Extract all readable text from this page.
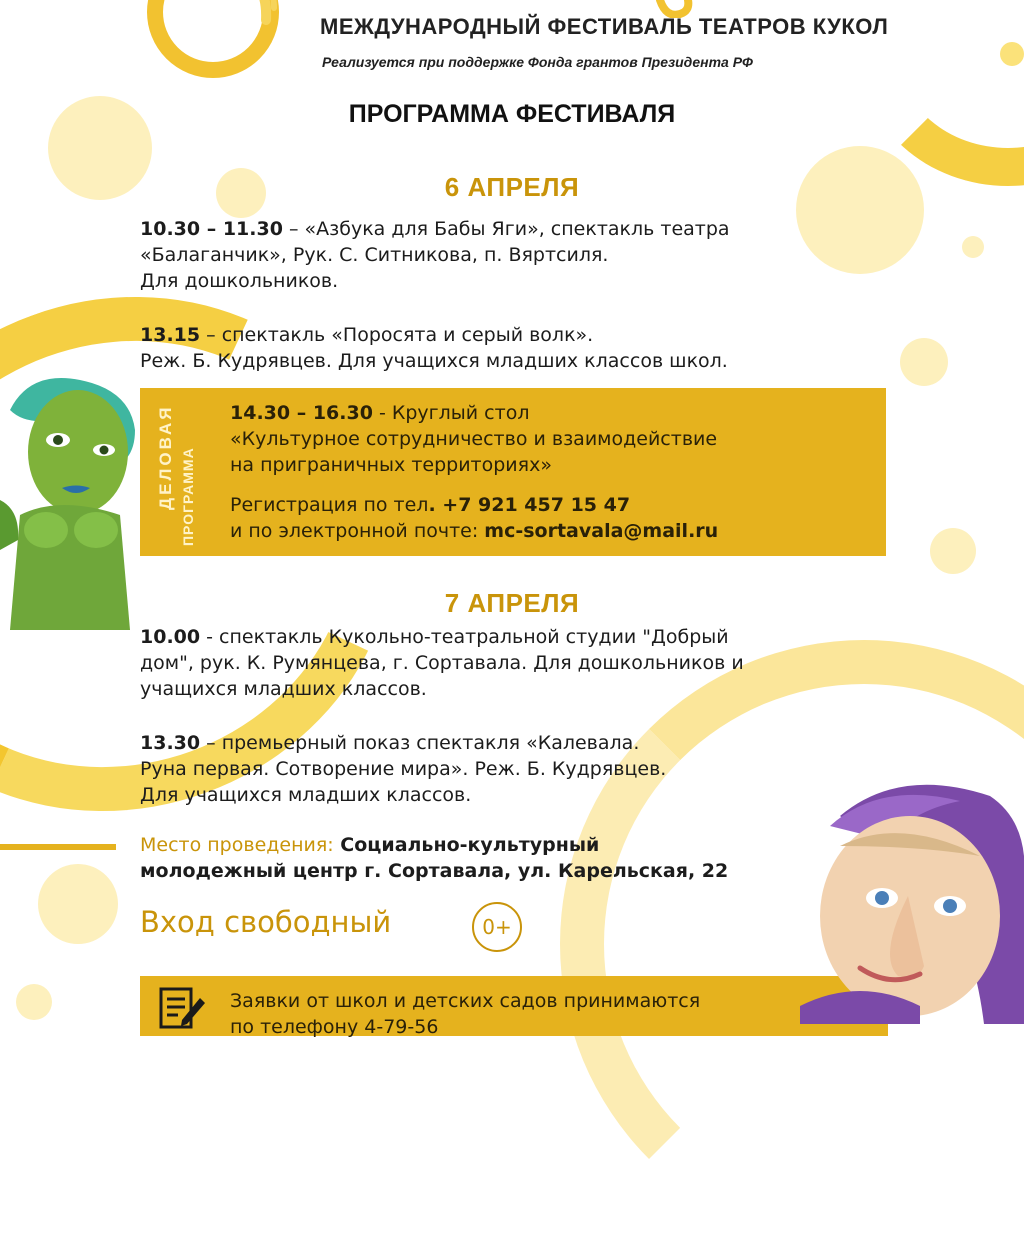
МЕЖДУНАРОДНЫЙ ФЕСТИВАЛЬ ТЕАТРОВ КУКОЛ
Реализуется при поддержке Фонда грантов Президента РФ
ПРОГРАММА ФЕСТИВАЛЯ
6 АПРЕЛЯ
10.30 – 11.30 – «Азбука для Бабы Яги», спектакль театра
«Балаганчик», Рук. С. Ситникова, п. Вяртсиля.
Для дошкольников.
13.15 – спектакль «Поросята и серый волк».
Реж. Б. Кудрявцев. Для учащихся младших классов школ.
ДЕЛОВАЯ ПРОГРАММА
14.30 – 16.30 - Круглый стол
«Культурное сотрудничество и взаимодействие
на приграничных территориях»
Регистрация по тел. +7 921 457 15 47
и по электронной почте: mc-sortavala@mail.ru
7 АПРЕЛЯ
10.00 - спектакль Кукольно-театральной студии "Добрый
дом", рук. К. Румянцева, г. Сортавала. Для дошкольников и
учащихся младших классов.
13.30 – премьерный показ спектакля «Калевала.
Руна первая. Сотворение мира». Реж. Б. Кудрявцев.
Для учащихся младших классов.
Место проведения: Социально-культурный
молодежный центр г. Сортавала, ул. Карельская, 22
Вход свободный	0+
Заявки от школ и детских садов принимаются
по телефону 4-79-56
